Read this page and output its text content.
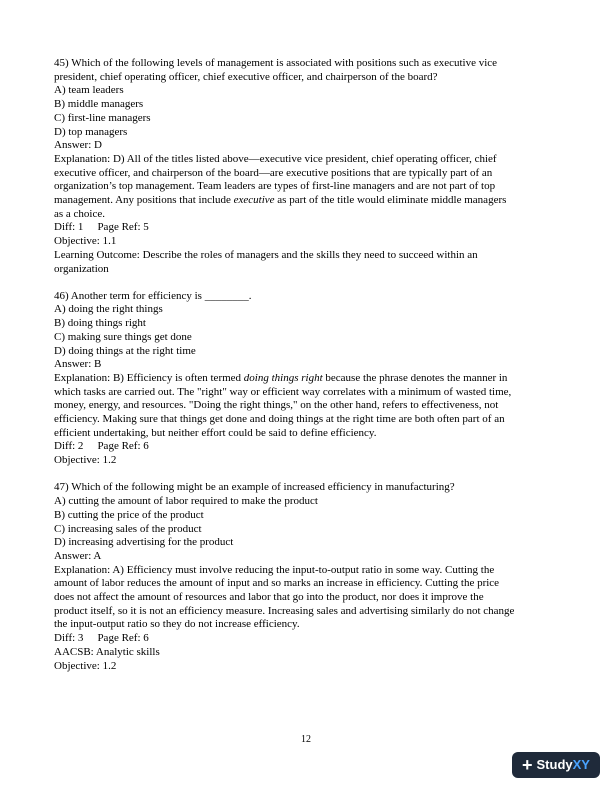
45) Which of the following levels of management is associated with positions such as executive vice
president, chief operating officer, chief executive officer, and chairperson of the board?
A) team leaders
B) middle managers
C) first-line managers
D) top managers
Answer: D
Explanation: D) All of the titles listed above—executive vice president, chief operating officer, chief
executive officer, and chairperson of the board—are executive positions that are typically part of an
organization’s top management. Team leaders are types of first-line managers and are not part of top
management. Any positions that include executive as part of the title would eliminate middle managers
as a choice.
Diff: 1 Page Ref: 5
Objective: 1.1
Learning Outcome: Describe the roles of managers and the skills they need to succeed within an
organization
46) Another term for efficiency is ________.
A) doing the right things
B) doing things right
C) making sure things get done
D) doing things at the right time
Answer: B
Explanation: B) Efficiency is often termed doing things right because the phrase denotes the manner in
which tasks are carried out. The "right" way or efficient way correlates with a minimum of wasted time,
money, energy, and resources. "Doing the right things," on the other hand, refers to effectiveness, not
efficiency. Making sure that things get done and doing things at the right time are both often part of an
efficient undertaking, but neither effort could be said to define efficiency.
Diff: 2 Page Ref: 6
Objective: 1.2
47) Which of the following might be an example of increased efficiency in manufacturing?
A) cutting the amount of labor required to make the product
B) cutting the price of the product
C) increasing sales of the product
D) increasing advertising for the product
Answer: A
Explanation: A) Efficiency must involve reducing the input-to-output ratio in some way. Cutting the
amount of labor reduces the amount of input and so marks an increase in efficiency. Cutting the price
does not affect the amount of resources and labor that go into the product, nor does it improve the
product itself, so it is not an efficiency measure. Increasing sales and advertising similarly do not change
the input-output ratio so they do not increase efficiency.
Diff: 3 Page Ref: 6
AACSB: Analytic skills
Objective: 1.2
12
+ Study XY
